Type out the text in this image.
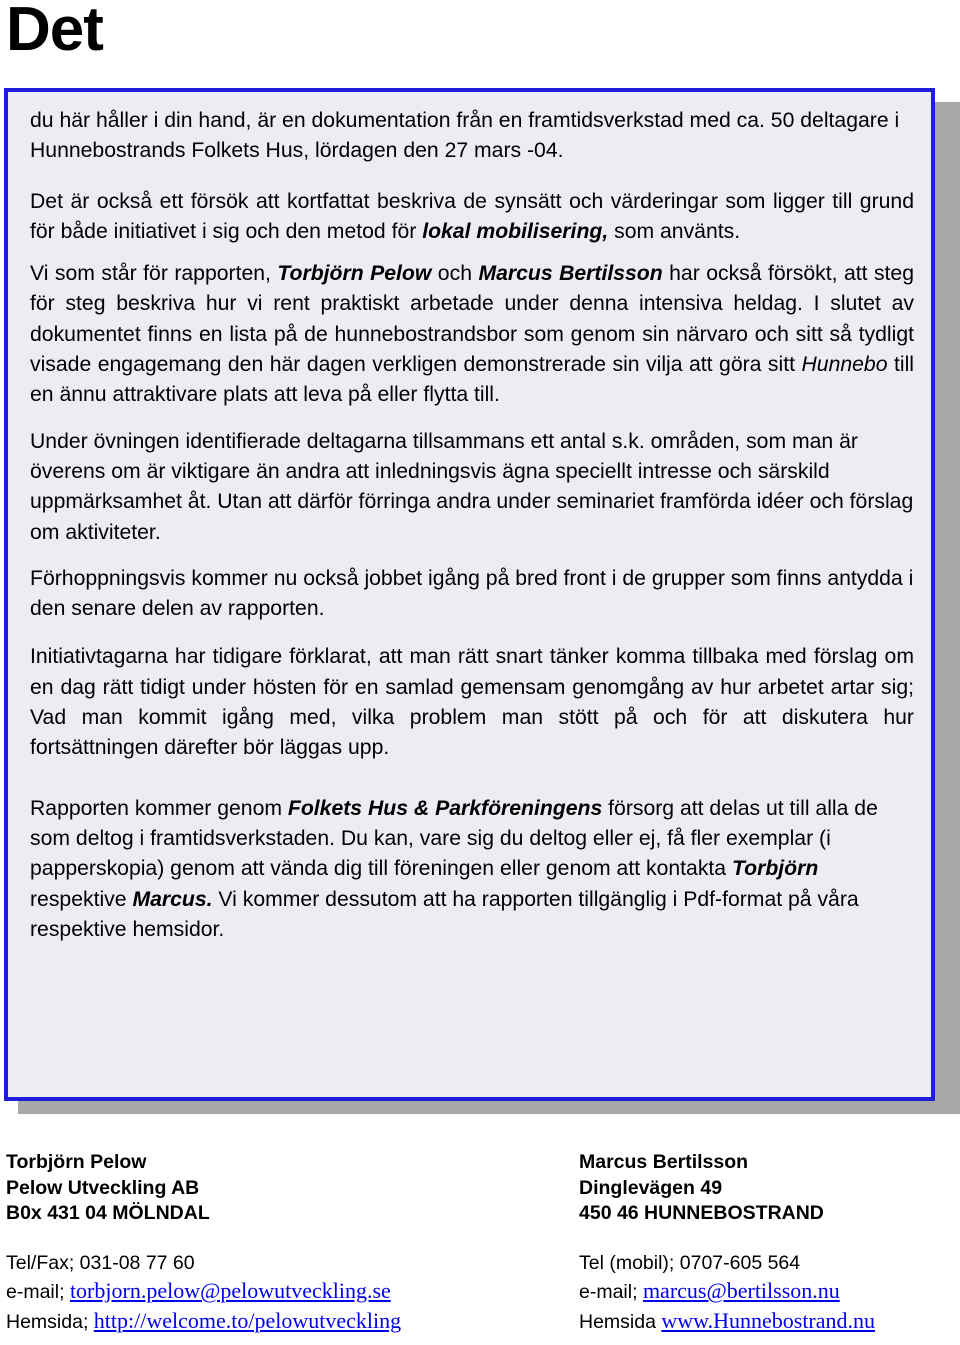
Det

du här håller i din hand, är en dokumentation från en framtidsverkstad med ca. 50 deltagare i Hunnebostrands Folkets Hus, lördagen den 27 mars -04.

Det är också ett försök att kortfattat beskriva de synsätt och värderingar som ligger till grund för både initiativet i sig och den metod för lokal mobilisering, som använts.

Vi som står för rapporten, Torbjörn Pelow och Marcus Bertilsson har också försökt, att steg för steg beskriva hur vi rent praktiskt arbetade under denna intensiva heldag. I slutet av dokumentet finns en lista på de hunnebostrandsbor som genom sin närvaro och sitt så tydligt visade engagemang den här dagen verkligen demonstrerade sin vilja att göra sitt Hunnebo till en ännu attraktivare plats att leva på eller flytta till.

Under övningen identifierade deltagarna tillsammans ett antal s.k. områden, som man är överens om är viktigare än andra att inledningsvis ägna speciellt intresse och särskild uppmärksamhet åt. Utan att därför förringa andra under seminariet framförda idéer och förslag om aktiviteter.

Förhoppningsvis kommer nu också jobbet igång på bred front i de grupper som finns antydda i den senare delen av rapporten.

Initiativtagarna har tidigare förklarat, att man rätt snart tänker komma tillbaka med förslag om en dag rätt tidigt under hösten för en samlad gemensam genomgång av hur arbetet artar sig; Vad man kommit igång med, vilka problem man stött på och för att diskutera hur fortsättningen därefter bör läggas upp.

Rapporten kommer genom Folkets Hus & Parkföreningens försorg att delas ut till alla de som deltog i framtidsverkstaden. Du kan, vare sig du deltog eller ej, få fler exemplar (i papperskopia) genom att vända dig till föreningen eller genom att kontakta Torbjörn respektive Marcus. Vi kommer dessutom att ha rapporten tillgänglig i Pdf-format på våra respektive hemsidor.

Torbjörn Pelow
Pelow Utveckling AB
B0x 431 04 MÖLNDAL
Tel/Fax; 031-08 77 60
e-mail; torbjorn.pelow@pelowutveckling.se
Hemsida; http://welcome.to/pelowutveckling
Marcus Bertilsson
Dinglevägen 49
450 46 HUNNEBOSTRAND
Tel (mobil); 0707-605 564
e-mail; marcus@bertilsson.nu
Hemsida www.Hunnebostrand.nu
